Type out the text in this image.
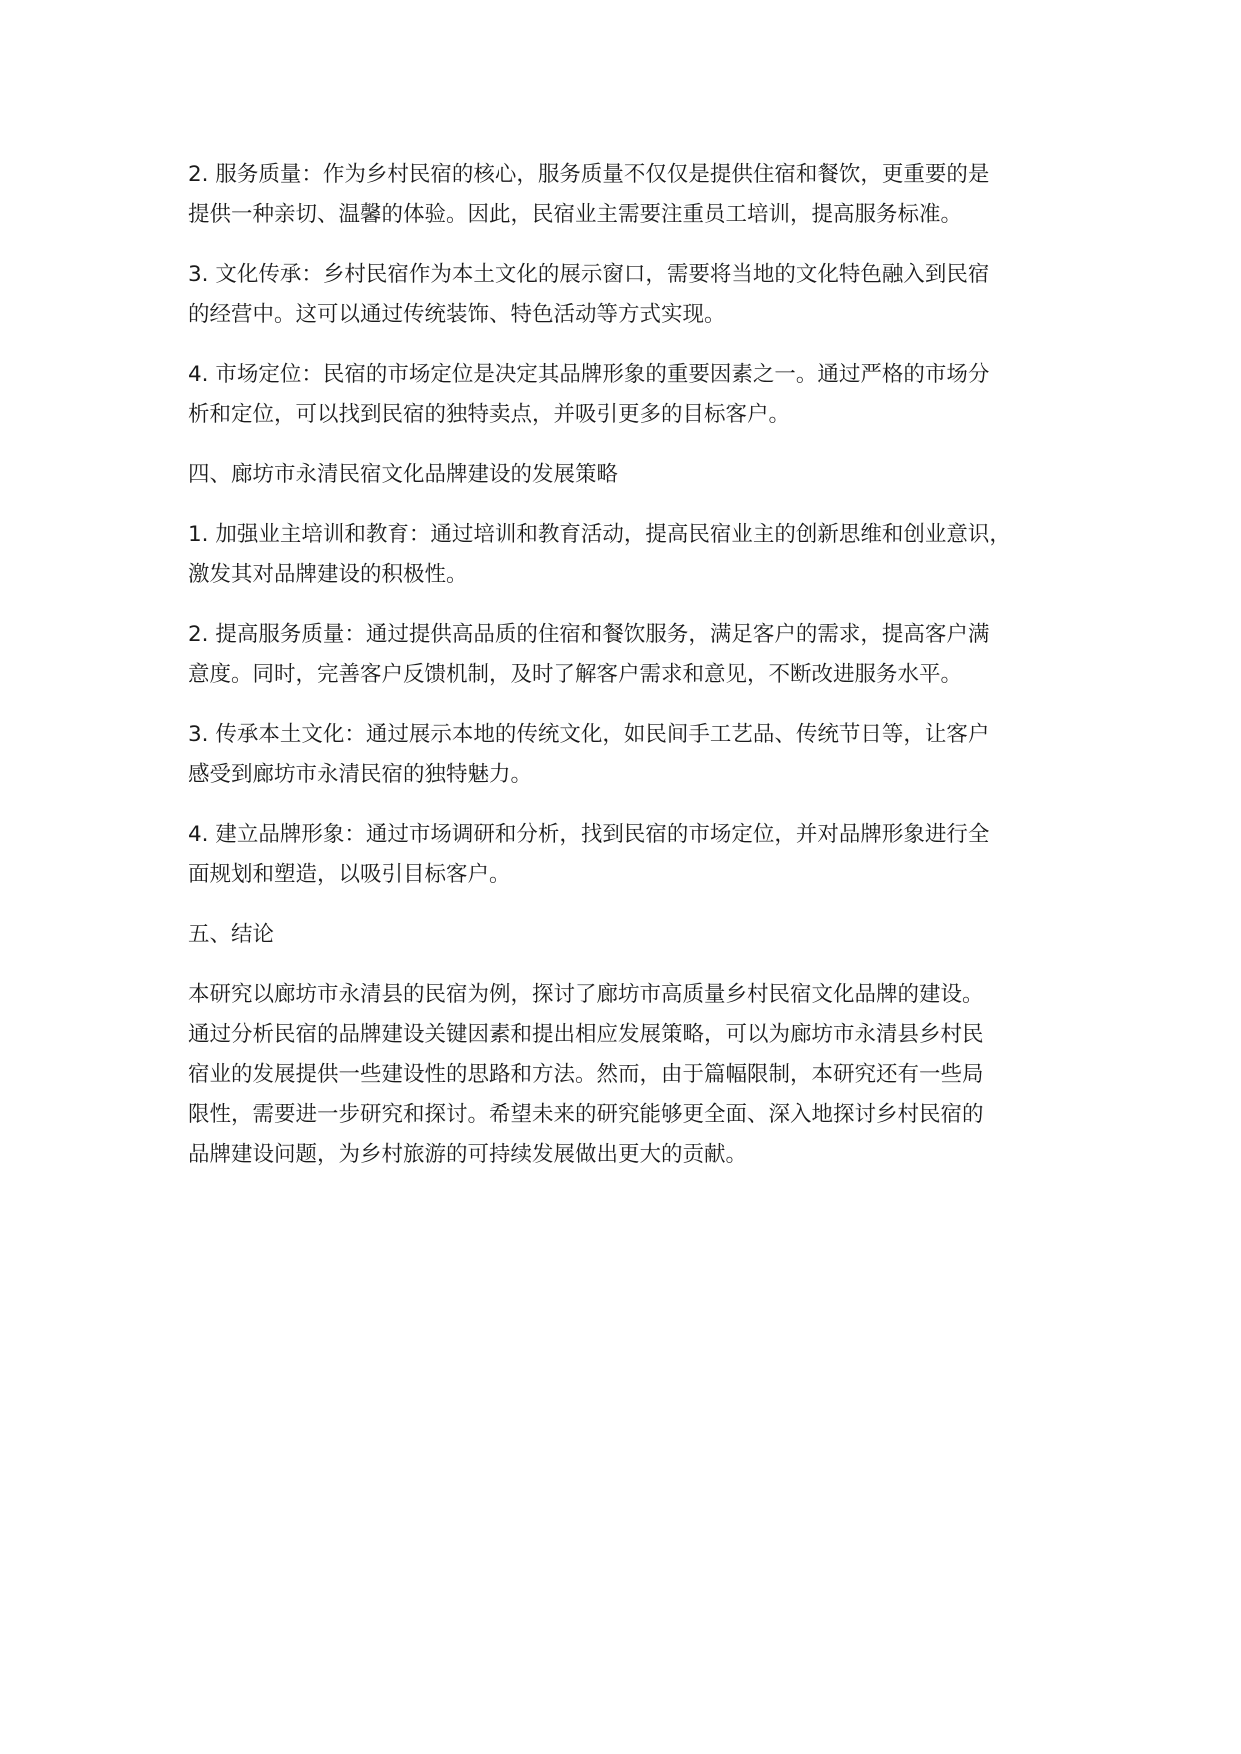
2. 服务质量：作为乡村民宿的核心，服务质量不仅仅是提供住宿和餐饮，更重要的是
提供一种亲切、温馨的体验。因此，民宿业主需要注重员工培训，提高服务标准。

3. 文化传承：乡村民宿作为本土文化的展示窗口，需要将当地的文化特色融入到民宿
的经营中。这可以通过传统装饰、特色活动等方式实现。

4. 市场定位：民宿的市场定位是决定其品牌形象的重要因素之一。通过严格的市场分
析和定位，可以找到民宿的独特卖点，并吸引更多的目标客户。

四、廊坊市永清民宿文化品牌建设的发展策略

1. 加强业主培训和教育：通过培训和教育活动，提高民宿业主的创新思维和创业意识，
激发其对品牌建设的积极性。

2. 提高服务质量：通过提供高品质的住宿和餐饮服务，满足客户的需求，提高客户满
意度。同时，完善客户反馈机制，及时了解客户需求和意见，不断改进服务水平。

3. 传承本土文化：通过展示本地的传统文化，如民间手工艺品、传统节日等，让客户
感受到廊坊市永清民宿的独特魅力。

4. 建立品牌形象：通过市场调研和分析，找到民宿的市场定位，并对品牌形象进行全
面规划和塑造，以吸引目标客户。

五、结论

本研究以廊坊市永清县的民宿为例，探讨了廊坊市高质量乡村民宿文化品牌的建设。
通过分析民宿的品牌建设关键因素和提出相应发展策略，可以为廊坊市永清县乡村民
宿业的发展提供一些建设性的思路和方法。然而，由于篇幅限制，本研究还有一些局
限性，需要进一步研究和探讨。希望未来的研究能够更全面、深入地探讨乡村民宿的
品牌建设问题，为乡村旅游的可持续发展做出更大的贡献。
